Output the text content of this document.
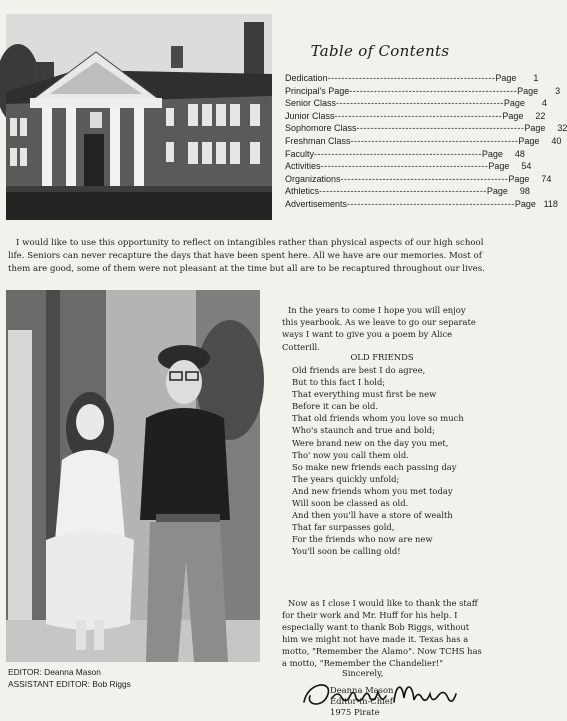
Table of Contents
Dedication ------------------------------------------------ Page	1
Principal's Page ------------------------------------------------ Page	3
Senior Class ------------------------------------------------ Page	4
Junior Class ------------------------------------------------ Page	22
Sophomore Class ------------------------------------------------ Page	32
Freshman Class ------------------------------------------------ Page	40
Faculty ------------------------------------------------ Page	48
Activities ------------------------------------------------ Page	54
Organizations ------------------------------------------------ Page	74
Athletics ------------------------------------------------ Page	98
Advertisements ------------------------------------------------ Page 118

I would like to use this opportunity to reflect on intangibles rather than physical aspects of our high school life. Seniors can never recapture the days that have been spent here. All we have are our memories. Most of them are good, some of them were not pleasant at the time but all are to be recaptured throughout our lives.

In the years to come I hope you will enjoy this yearbook. As we leave to go our separate ways I want to give you a poem by Alice Cotterill.

OLD FRIENDS

Old friends are best I do agree,
But to this fact I hold;
That everything must first be new
Before it can be old.
That old friends whom you love so much
Who's staunch and true and bold;
Were brand new on the day you met,
Tho' now you call them old.
So make new friends each passing day
The years quickly unfold;
And new friends whom you met today
Will soon be classed as old.
And then you'll have a store of wealth
That far surpasses gold,
For the friends who now are new
You'll soon be calling old!

Now as I close I would like to thank the staff for their work and Mr. Huff for his help. I especially want to thank Bob Riggs, without him we might not have made it. Texas has a motto, "Remember the Alamo". Now TCHS has a motto, "Remember the Chandelier!"

Sincerely,
Deanna Mason
Editor-in-Chief
1975 Pirate
EDITOR: Deanna Mason
ASSISTANT EDITOR: Bob Riggs
